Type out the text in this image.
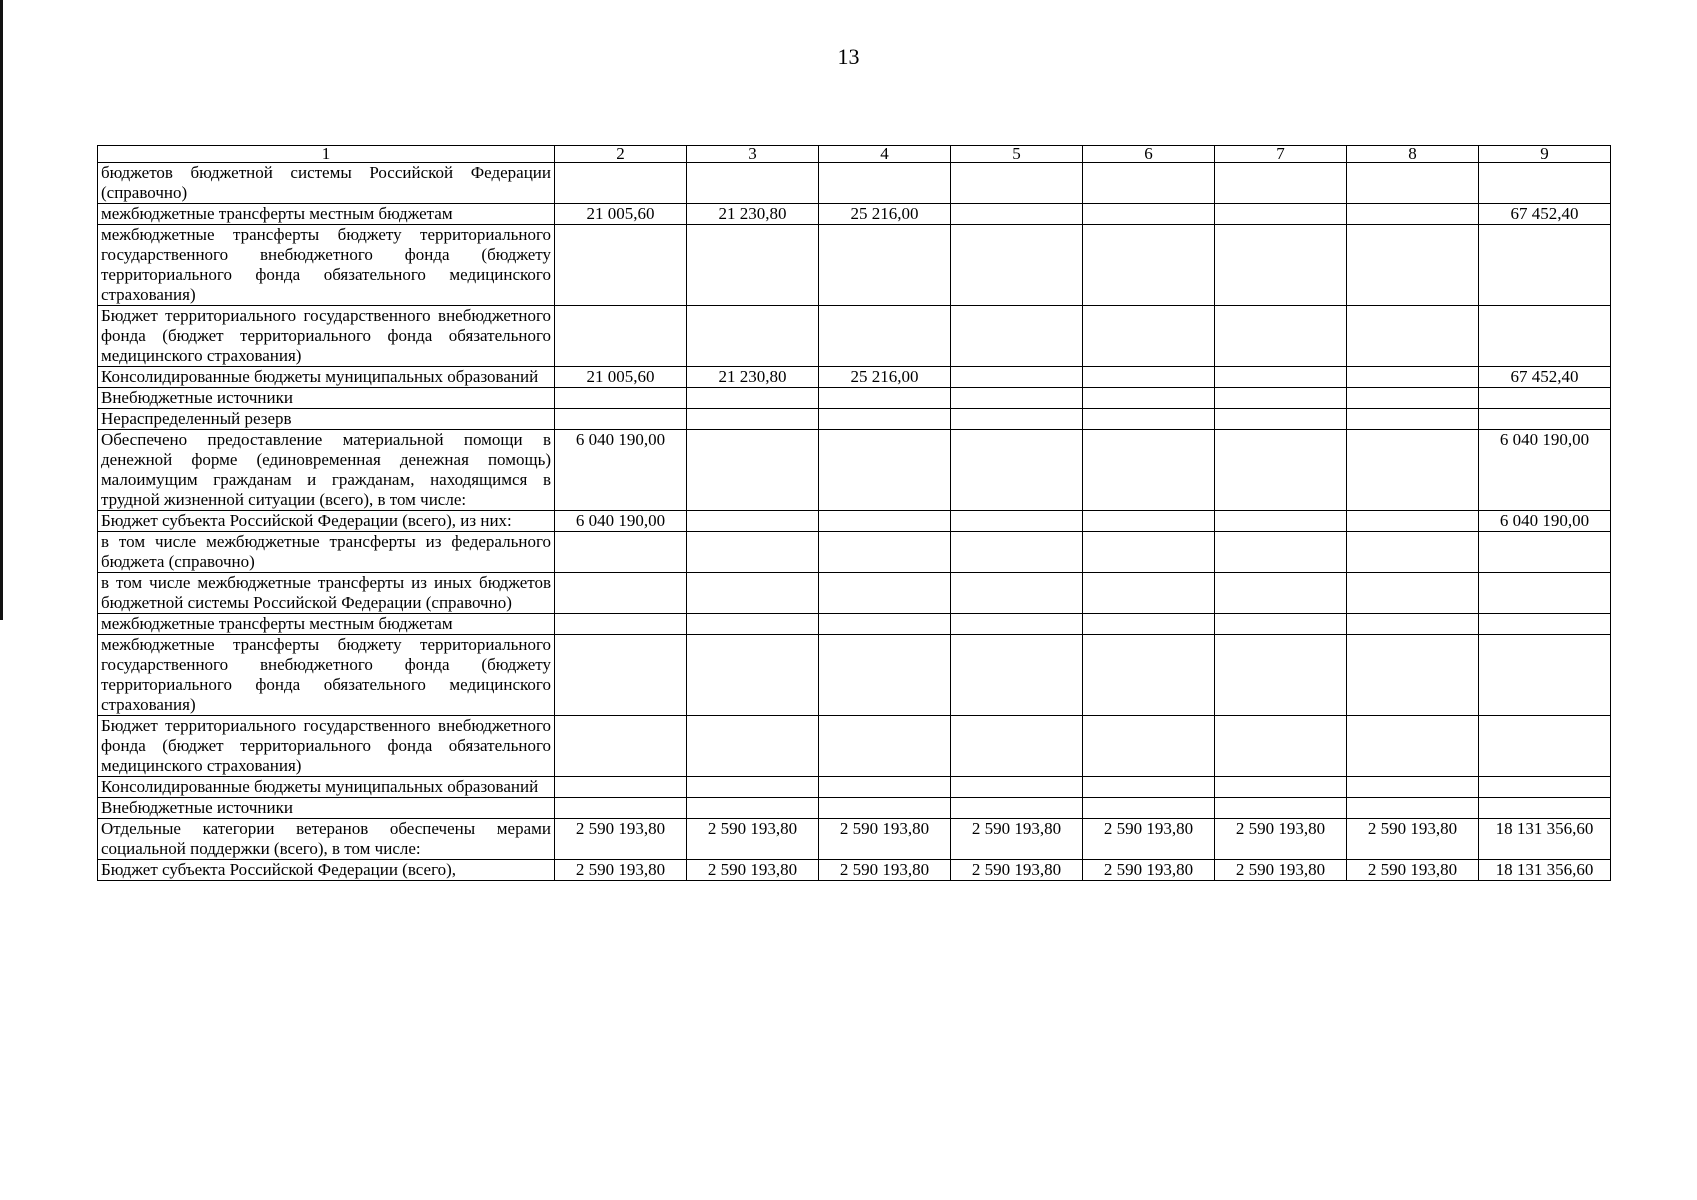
13
1	2	3	4	5	6	7	8	9
бюджетов бюджетной системы Российской Федерации (справочно)								
межбюджетные трансферты местным бюджетам	21 005,60	21 230,80	25 216,00					67 452,40
межбюджетные трансферты бюджету территориального государственного внебюджетного фонда (бюджету территориального фонда обязательного медицинского страхования)								
Бюджет территориального государственного внебюджетного фонда (бюджет территориального фонда обязательного медицинского страхования)								
Консолидированные бюджеты муниципальных образований	21 005,60	21 230,80	25 216,00					67 452,40
Внебюджетные источники								
Нераспределенный резерв								
Обеспечено предоставление материальной помощи в денежной форме (единовременная денежная помощь) малоимущим гражданам и гражданам, находящимся в трудной жизненной ситуации (всего), в том числе:	6 040 190,00							6 040 190,00
Бюджет субъекта Российской Федерации (всего), из них:	6 040 190,00							6 040 190,00
в том числе межбюджетные трансферты из федерального бюджета (справочно)								
в том числе межбюджетные трансферты из иных бюджетов бюджетной системы Российской Федерации (справочно)								
межбюджетные трансферты местным бюджетам								
межбюджетные трансферты бюджету территориального государственного внебюджетного фонда (бюджету территориального фонда обязательного медицинского страхования)								
Бюджет территориального государственного внебюджетного фонда (бюджет территориального фонда обязательного медицинского страхования)								
Консолидированные бюджеты муниципальных образований								
Внебюджетные источники								
Отдельные категории ветеранов обеспечены мерами социальной поддержки (всего), в том числе:	2 590 193,80	2 590 193,80	2 590 193,80	2 590 193,80	2 590 193,80	2 590 193,80	2 590 193,80	18 131 356,60
Бюджет субъекта Российской Федерации (всего),	2 590 193,80	2 590 193,80	2 590 193,80	2 590 193,80	2 590 193,80	2 590 193,80	2 590 193,80	18 131 356,60
